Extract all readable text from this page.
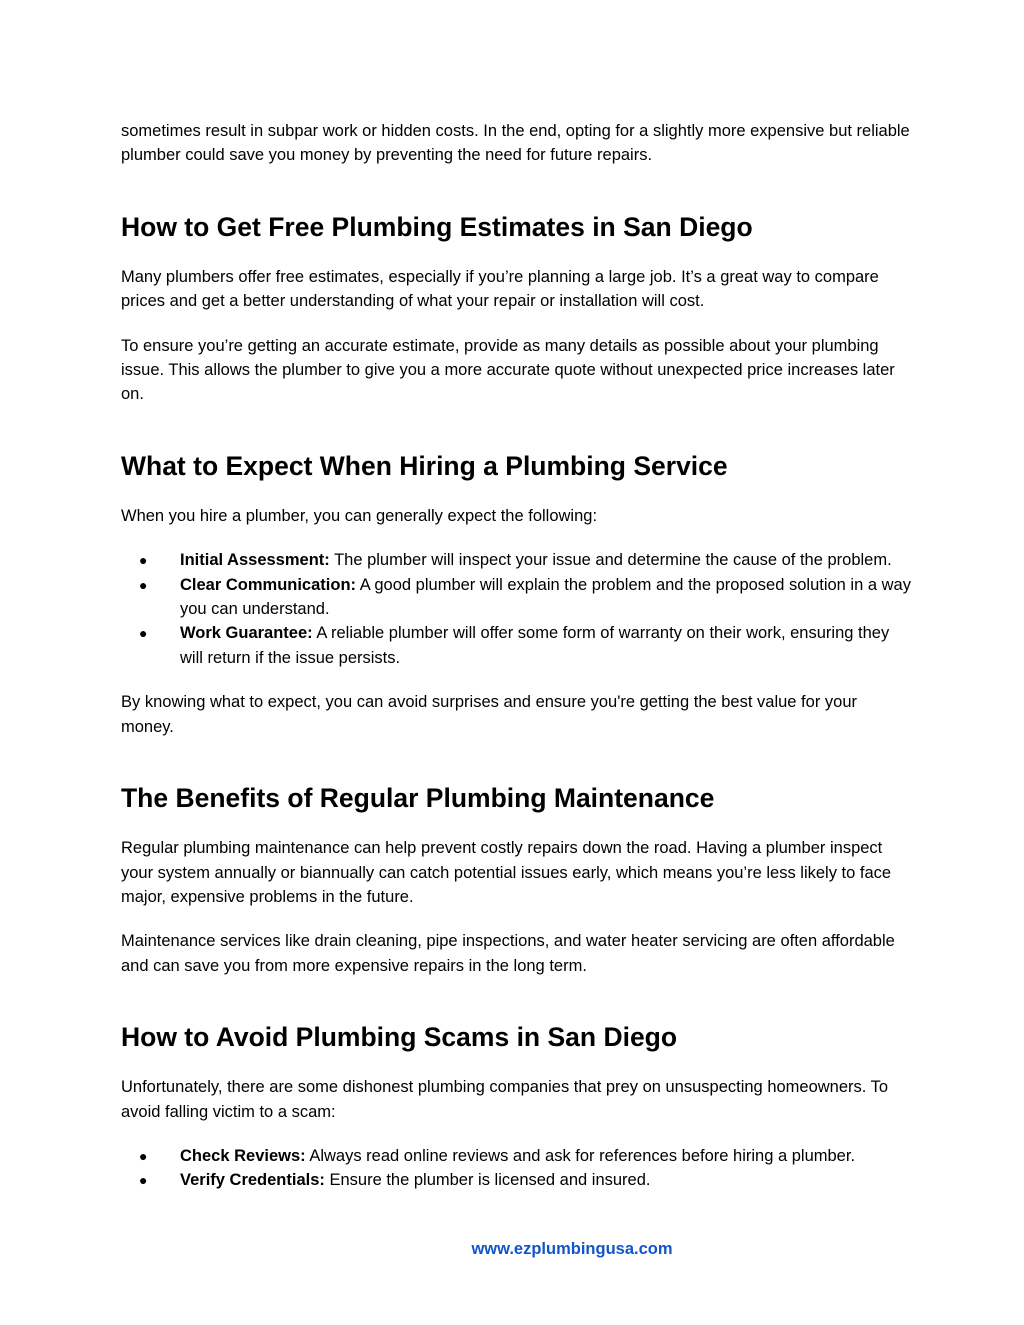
sometimes result in subpar work or hidden costs. In the end, opting for a slightly more expensive but reliable plumber could save you money by preventing the need for future repairs.

How to Get Free Plumbing Estimates in San Diego

Many plumbers offer free estimates, especially if you’re planning a large job. It’s a great way to compare prices and get a better understanding of what your repair or installation will cost.

To ensure you’re getting an accurate estimate, provide as many details as possible about your plumbing issue. This allows the plumber to give you a more accurate quote without unexpected price increases later on.

What to Expect When Hiring a Plumbing Service

When you hire a plumber, you can generally expect the following:

● Initial Assessment: The plumber will inspect your issue and determine the cause of the problem.
● Clear Communication: A good plumber will explain the problem and the proposed solution in a way you can understand.
● Work Guarantee: A reliable plumber will offer some form of warranty on their work, ensuring they will return if the issue persists.

By knowing what to expect, you can avoid surprises and ensure you're getting the best value for your money.

The Benefits of Regular Plumbing Maintenance

Regular plumbing maintenance can help prevent costly repairs down the road. Having a plumber inspect your system annually or biannually can catch potential issues early, which means you’re less likely to face major, expensive problems in the future.

Maintenance services like drain cleaning, pipe inspections, and water heater servicing are often affordable and can save you from more expensive repairs in the long term.

How to Avoid Plumbing Scams in San Diego

Unfortunately, there are some dishonest plumbing companies that prey on unsuspecting homeowners. To avoid falling victim to a scam:

● Check Reviews: Always read online reviews and ask for references before hiring a plumber.
● Verify Credentials: Ensure the plumber is licensed and insured.
www.ezplumbingusa.com
